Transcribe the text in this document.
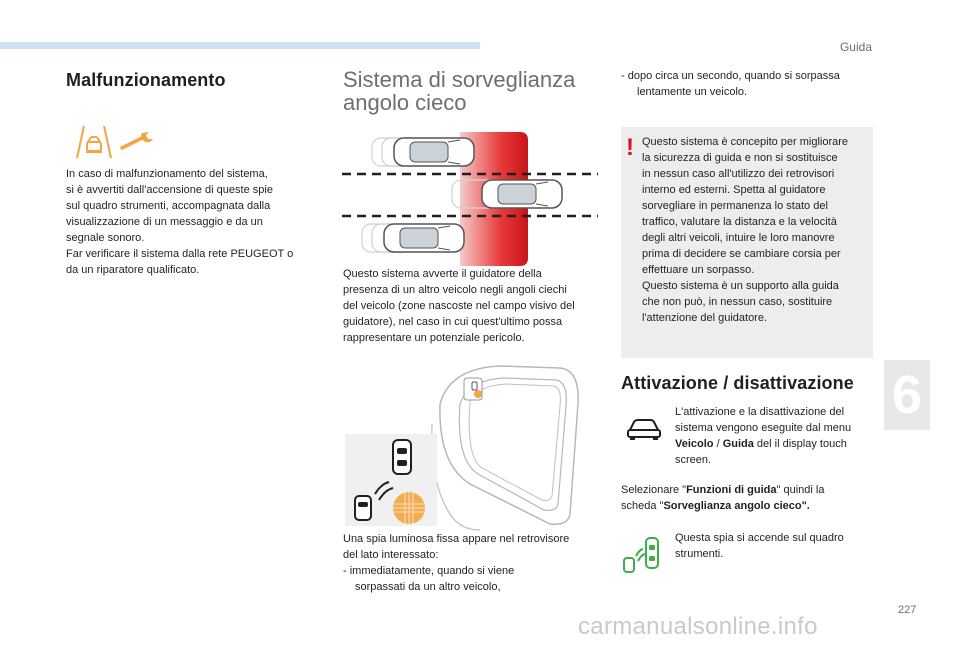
Guida
Malfunzionamento
In caso di malfunzionamento del sistema,
si è avvertiti dall'accensione di queste spie
sul quadro strumenti, accompagnata dalla
visualizzazione di un messaggio e da un
segnale sonoro.
Far verificare il sistema dalla rete PEUGEOT o
da un riparatore qualificato.
Sistema di sorveglianza
angolo cieco
Questo sistema avverte il guidatore della
presenza di un altro veicolo negli angoli ciechi
del veicolo (zone nascoste nel campo visivo del
guidatore), nel caso in cui quest'ultimo possa
rappresentare un potenziale pericolo.
Una spia luminosa fissa appare nel retrovisore
del lato interessato:
- immediatamente, quando si viene
sorpassati da un altro veicolo,
- dopo circa un secondo, quando si sorpassa
lentamente un veicolo.
! Questo sistema è concepito per migliorare
la sicurezza di guida e non si sostituisce
in nessun caso all'utilizzo dei retrovisori
interno ed esterni. Spetta al guidatore
sorvegliare in permanenza lo stato del
traffico, valutare la distanza e la velocità
degli altri veicoli, intuire le loro manovre
prima di decidere se cambiare corsia per
effettuare un sorpasso.
Questo sistema è un supporto alla guida
che non può, in nessun caso, sostituire
l'attenzione del guidatore.
Attivazione / disattivazione
L'attivazione e la disattivazione del
sistema vengono eseguite dal menu
Veicolo / Guida del il display touch
screen.
Selezionare "Funzioni di guida" quindi la
scheda "Sorveglianza angolo cieco".
Questa spia si accende sul quadro
strumenti.
6
227
carmanualsonline.info
